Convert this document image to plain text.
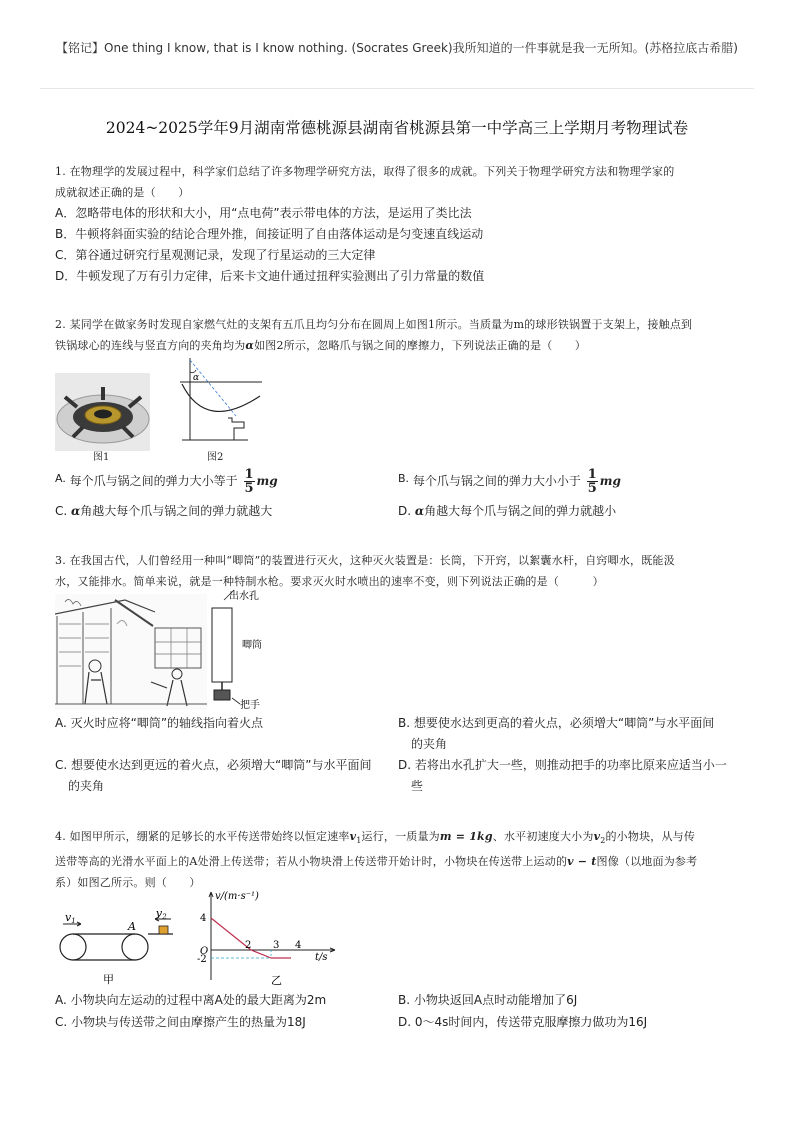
【铭记】One thing I know, that is I know nothing. (Socrates Greek)我所知道的一件事就是我一无所知。(苏格拉底古希腊)
2024~2025学年9月湖南常德桃源县湖南省桃源县第一中学高三上学期月考物理试卷
1. 在物理学的发展过程中，科学家们总结了许多物理学研究方法，取得了很多的成就。下列关于物理学研究方法和物理学家的
成就叙述正确的是（　　）
A．忽略带电体的形状和大小，用“点电荷”表示带电体的方法，是运用了类比法
B．牛顿将斜面实验的结论合理外推，间接证明了自由落体运动是匀变速直线运动
C．第谷通过研究行星观测记录，发现了行星运动的三大定律
D．牛顿发现了万有引力定律，后来卡文迪什通过扭秤实验测出了引力常量的数值
2. 某同学在做家务时发现自家燃气灶的支架有五爪且均匀分布在圆周上如图1所示。当质量为m的球形铁锅置于支架上，接触点到
铁锅球心的连线与竖直方向的夹角均为α如图2所示，忽略爪与锅之间的摩擦力，下列说法正确的是（　　）
图1
α
图2
A. 每个爪与锅之间的弹力大小等于 $\frac{1}{5}$ mg	B. 每个爪与锅之间的弹力大小小于 $\frac{1}{5}$ mg
C. α角越大每个爪与锅之间的弹力就越大	D. α角越大每个爪与锅之间的弹力就越小
3. 在我国古代，人们曾经用一种叫“唧筒”的装置进行灭火，这种灭火装置是：长筒，下开窍，以絮囊水杆，自窍唧水，既能汲
水，又能排水。简单来说，就是一种特制水枪。要求灭火时水喷出的速率不变，则下列说法正确的是（　　　）
出水孔
唧筒
把手
A. 灭火时应将“唧筒”的轴线指向着火点	B. 想要使水达到更高的着火点，必须增大“唧筒”与水平面间
的夹角
C. 想要使水达到更远的着火点，必须增大“唧筒”与水平面间
的夹角
D. 若将出水孔扩大一些，则推动把手的功率比原来应适当小一
些
4. 如图甲所示，绷紧的足够长的水平传送带始终以恒定速率$v_1$运行，一质量为m = 1kg、水平初速度大小为$v_2$的小物块，从与传
送带等高的光滑水平面上的A处滑上传送带；若从小物块滑上传送带开始计时，小物块在传送带上运动的v − t图像（以地面为参考
系）如图乙所示。则（　　）
v1
v2
A
甲
v/(m·s⁻¹)
t/s
O
4
-2
2 3 4
乙
A. 小物块向左运动的过程中离A处的最大距离为2m	B. 小物块返回A点时动能增加了6J
C. 小物块与传送带之间由摩擦产生的热量为18J	D. 0～4s时间内，传送带克服摩擦力做功为16J
